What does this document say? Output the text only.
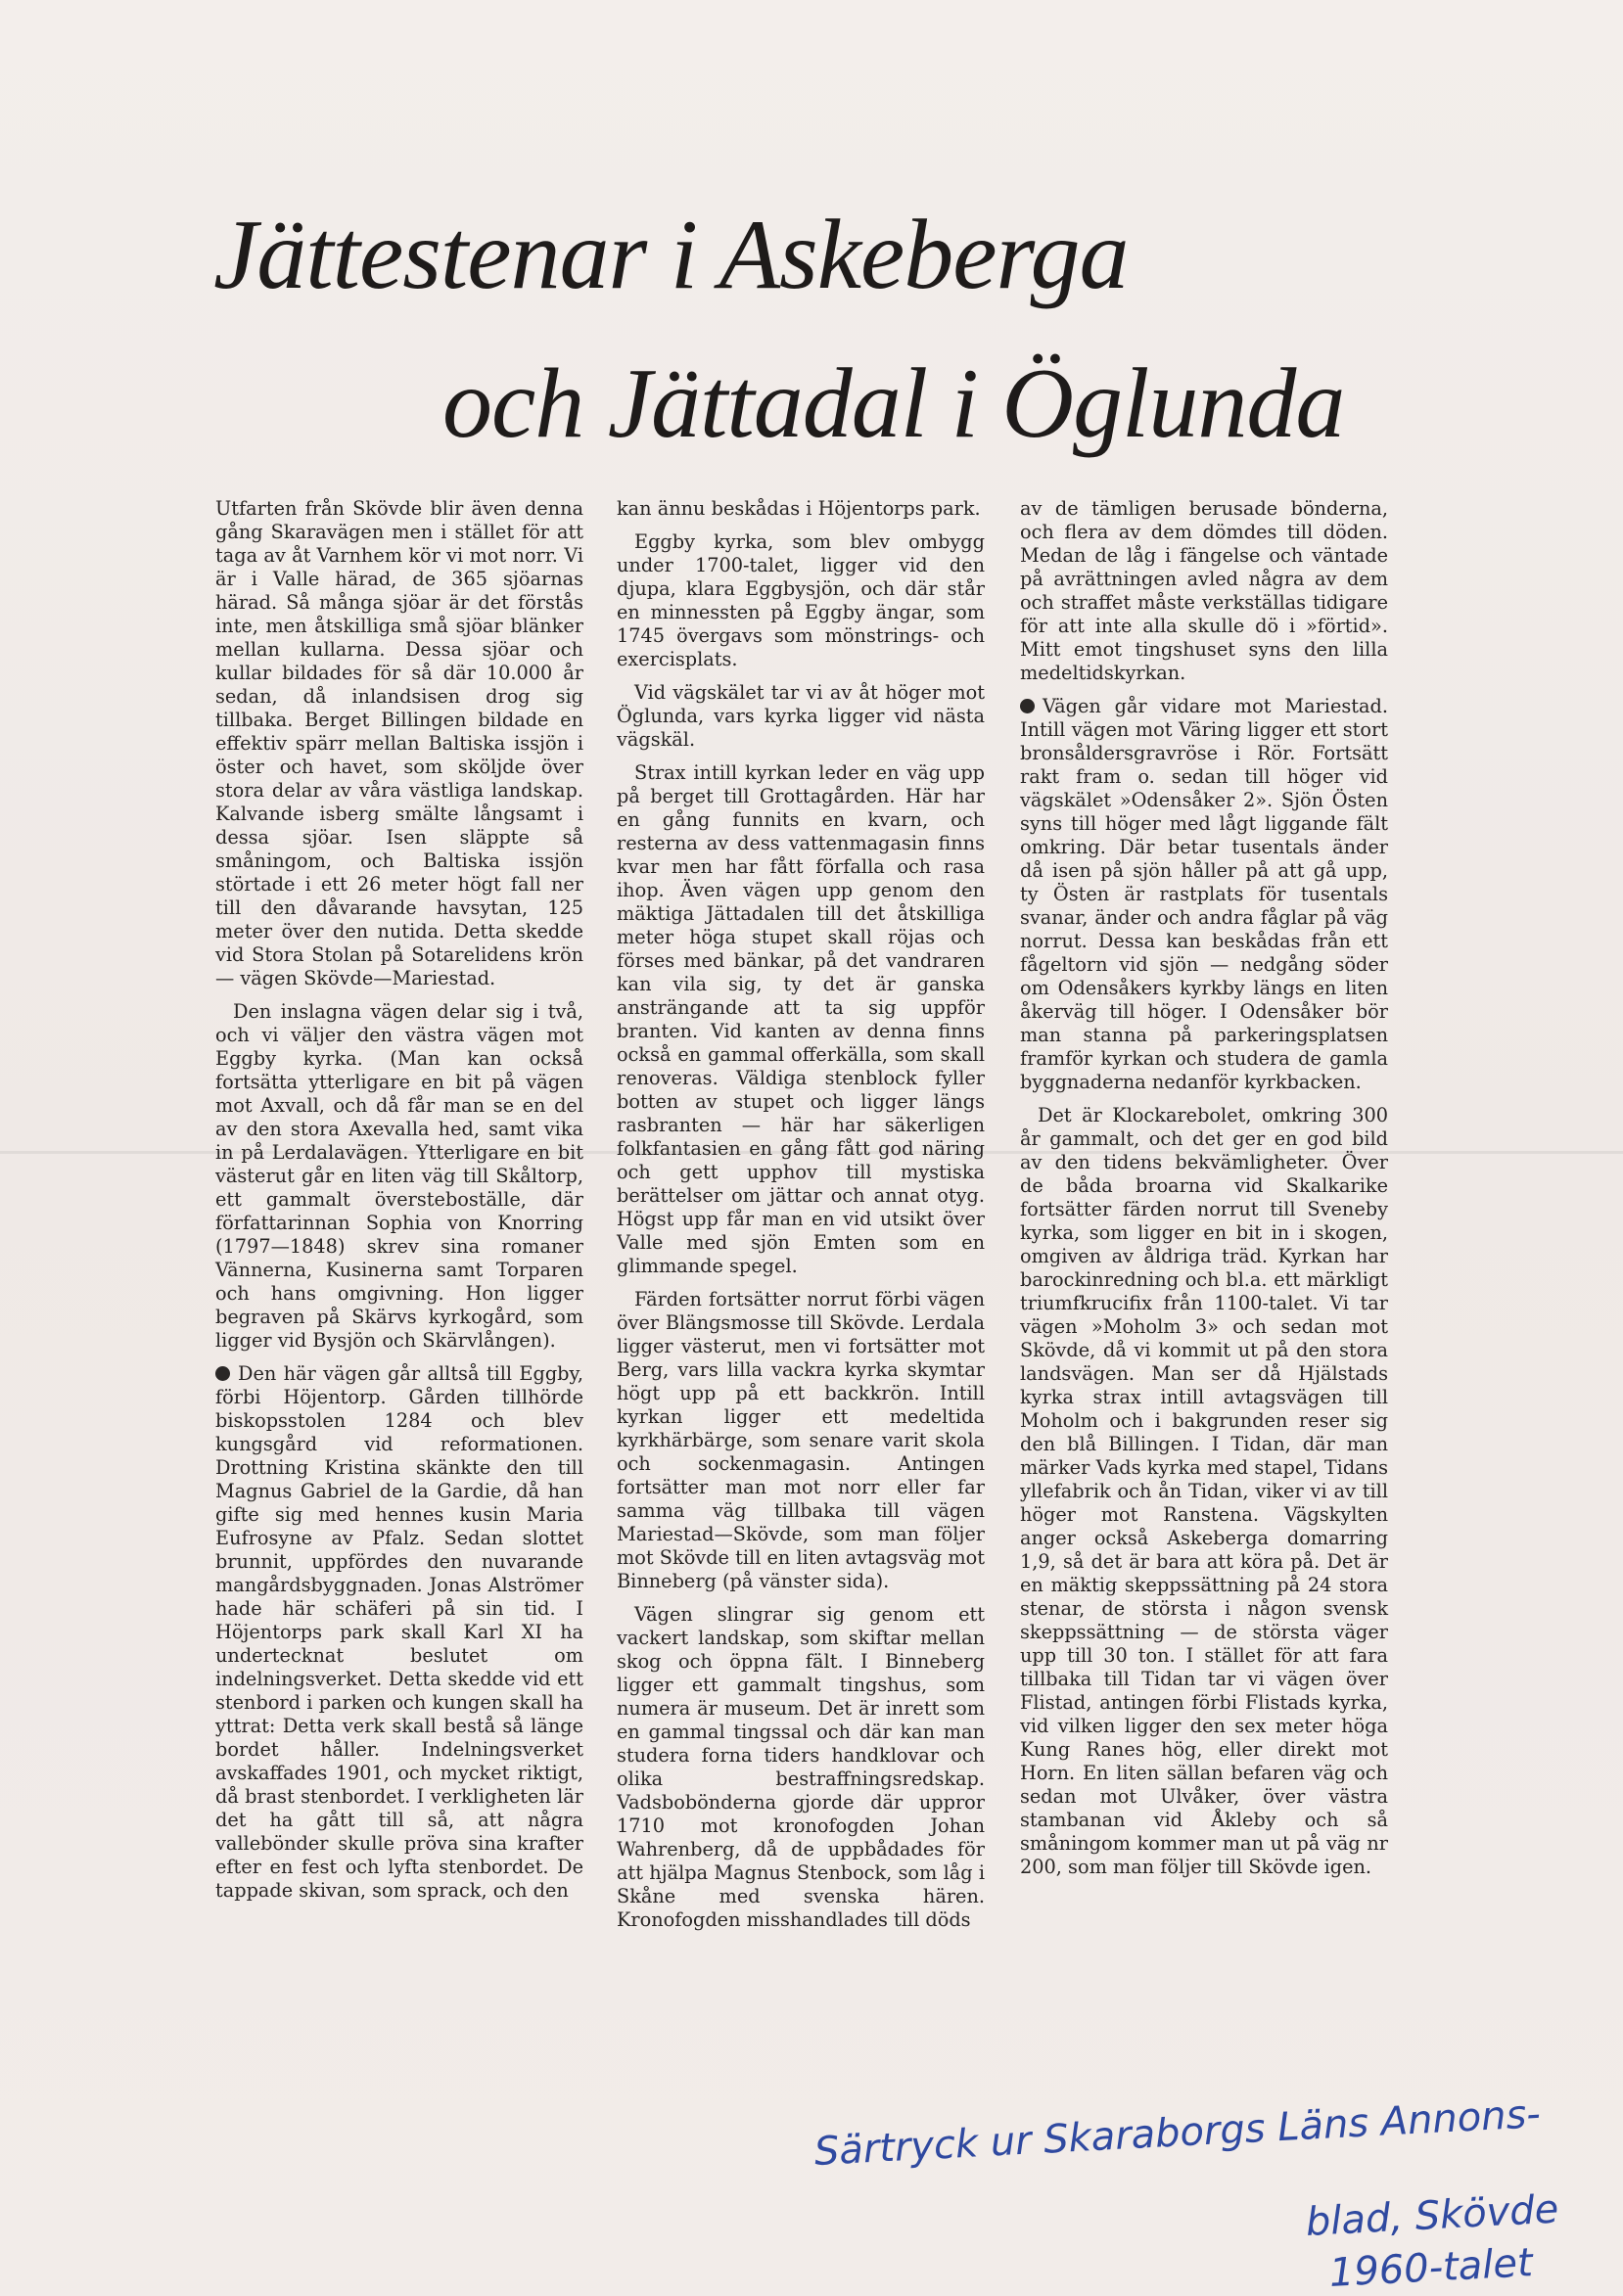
Jättestenar i Askeberga
och Jättadal i Öglunda

Utfarten från Skövde blir även denna gång Skaravägen men i stället för att taga av åt Varnhem kör vi mot norr. Vi är i Valle härad, de 365 sjöarnas härad. Så många sjöar är det förstås inte, men åtskilliga små sjöar blänker mellan kullarna. Dessa sjöar och kullar bildades för så där 10.000 år sedan, då inlandsisen drog sig tillbaka. Berget Billingen bildade en effektiv spärr mellan Baltiska issjön i öster och havet, som sköljde över stora delar av våra västliga landskap. Kalvande isberg smälte långsamt i dessa sjöar. Isen släppte så småningom, och Baltiska issjön störtade i ett 26 meter högt fall ner till den dåvarande havsytan, 125 meter över den nutida. Detta skedde vid Stora Stolan på Sotarelidens krön — vägen Skövde—Mariestad.

Den inslagna vägen delar sig i två, och vi väljer den västra vägen mot Eggby kyrka. (Man kan också fortsätta ytterligare en bit på vägen mot Axvall, och då får man se en del av den stora Axevalla hed, samt vika in på Lerdalavägen. Ytterligare en bit västerut går en liten väg till Skåltorp, ett gammalt översteboställe, där författarinnan Sophia von Knorring (1797—1848) skrev sina romaner Vännerna, Kusinerna samt Torparen och hans omgivning. Hon ligger begraven på Skärvs kyrkogård, som ligger vid Bysjön och Skärvlången).

Den här vägen går alltså till Eggby, förbi Höjentorp. Gården tillhörde biskopsstolen 1284 och blev kungsgård vid reformationen. Drottning Kristina skänkte den till Magnus Gabriel de la Gardie, då han gifte sig med hennes kusin Maria Eufrosyne av Pfalz. Sedan slottet brunnit, uppfördes den nuvarande mangårdsbyggnaden. Jonas Alströmer hade här schäferi på sin tid. I Höjentorps park skall Karl XI ha undertecknat beslutet om indelningsverket. Detta skedde vid ett stenbord i parken och kungen skall ha yttrat: Detta verk skall bestå så länge bordet håller. Indelningsverket avskaffades 1901, och mycket riktigt, då brast stenbordet. I verkligheten lär det ha gått till så, att några vallebönder skulle pröva sina krafter efter en fest och lyfta stenbordet. De tappade skivan, som sprack, och den

kan ännu beskådas i Höjentorps park.

Eggby kyrka, som blev ombygg under 1700-talet, ligger vid den djupa, klara Eggbysjön, och där står en minnessten på Eggby ängar, som 1745 övergavs som mönstrings- och exercisplats.

Vid vägskälet tar vi av åt höger mot Öglunda, vars kyrka ligger vid nästa vägskäl.

Strax intill kyrkan leder en väg upp på berget till Grottagården. Här har en gång funnits en kvarn, och resterna av dess vattenmagasin finns kvar men har fått förfalla och rasa ihop. Även vägen upp genom den mäktiga Jättadalen till det åtskilliga meter höga stupet skall röjas och förses med bänkar, på det vandraren kan vila sig, ty det är ganska ansträngande att ta sig uppför branten. Vid kanten av denna finns också en gammal offerkälla, som skall renoveras. Väldiga stenblock fyller botten av stupet och ligger längs rasbranten — här har säkerligen folkfantasien en gång fått god näring och gett upphov till mystiska berättelser om jättar och annat otyg. Högst upp får man en vid utsikt över Valle med sjön Emten som en glimmande spegel.

Färden fortsätter norrut förbi vägen över Blängsmosse till Skövde. Lerdala ligger västerut, men vi fortsätter mot Berg, vars lilla vackra kyrka skymtar högt upp på ett backkrön. Intill kyrkan ligger ett medeltida kyrkhärbärge, som senare varit skola och sockenmagasin. Antingen fortsätter man mot norr eller far samma väg tillbaka till vägen Mariestad—Skövde, som man följer mot Skövde till en liten avtagsväg mot Binneberg (på vänster sida).

Vägen slingrar sig genom ett vackert landskap, som skiftar mellan skog och öppna fält. I Binneberg ligger ett gammalt tingshus, som numera är museum. Det är inrett som en gammal tingssal och där kan man studera forna tiders handklovar och olika bestraffningsredskap. Vadsbobönderna gjorde där uppror 1710 mot kronofogden Johan Wahrenberg, då de uppbådades för att hjälpa Magnus Stenbock, som låg i Skåne med svenska hären. Kronofogden misshandlades till döds

av de tämligen berusade bönderna, och flera av dem dömdes till döden. Medan de låg i fängelse och väntade på avrättningen avled några av dem och straffet måste verkställas tidigare för att inte alla skulle dö i »förtid». Mitt emot tingshuset syns den lilla medeltidskyrkan.

Vägen går vidare mot Mariestad. Intill vägen mot Väring ligger ett stort bronsåldersgravröse i Rör. Fortsätt rakt fram o. sedan till höger vid vägskälet »Odensåker 2». Sjön Östen syns till höger med lågt liggande fält omkring. Där betar tusentals änder då isen på sjön håller på att gå upp, ty Östen är rastplats för tusentals svanar, änder och andra fåglar på väg norrut. Dessa kan beskådas från ett fågeltorn vid sjön — nedgång söder om Odensåkers kyrkby längs en liten åkerväg till höger. I Odensåker bör man stanna på parkeringsplatsen framför kyrkan och studera de gamla byggnaderna nedanför kyrkbacken.

Det är Klockarebolet, omkring 300 år gammalt, och det ger en god bild av den tidens bekvämligheter. Över de båda broarna vid Skalkarike fortsätter färden norrut till Sveneby kyrka, som ligger en bit in i skogen, omgiven av åldriga träd. Kyrkan har barockinredning och bl.a. ett märkligt triumfkrucifix från 1100-talet. Vi tar vägen »Moholm 3» och sedan mot Skövde, då vi kommit ut på den stora landsvägen. Man ser då Hjälstads kyrka strax intill avtagsvägen till Moholm och i bakgrunden reser sig den blå Billingen. I Tidan, där man märker Vads kyrka med stapel, Tidans yllefabrik och ån Tidan, viker vi av till höger mot Ranstena. Vägskylten anger också Askeberga domarring 1,9, så det är bara att köra på. Det är en mäktig skeppssättning på 24 stora stenar, de största i någon svensk skeppssättning — de största väger upp till 30 ton. I stället för att fara tillbaka till Tidan tar vi vägen över Flistad, antingen förbi Flistads kyrka, vid vilken ligger den sex meter höga Kung Ranes hög, eller direkt mot Horn. En liten sällan befaren väg och sedan mot Ulvåker, över västra stambanan vid Åkleby och så småningom kommer man ut på väg nr 200, som man följer till Skövde igen.

Särtryck ur Skaraborgs Läns Annons-
blad, Skövde
1960-talet
